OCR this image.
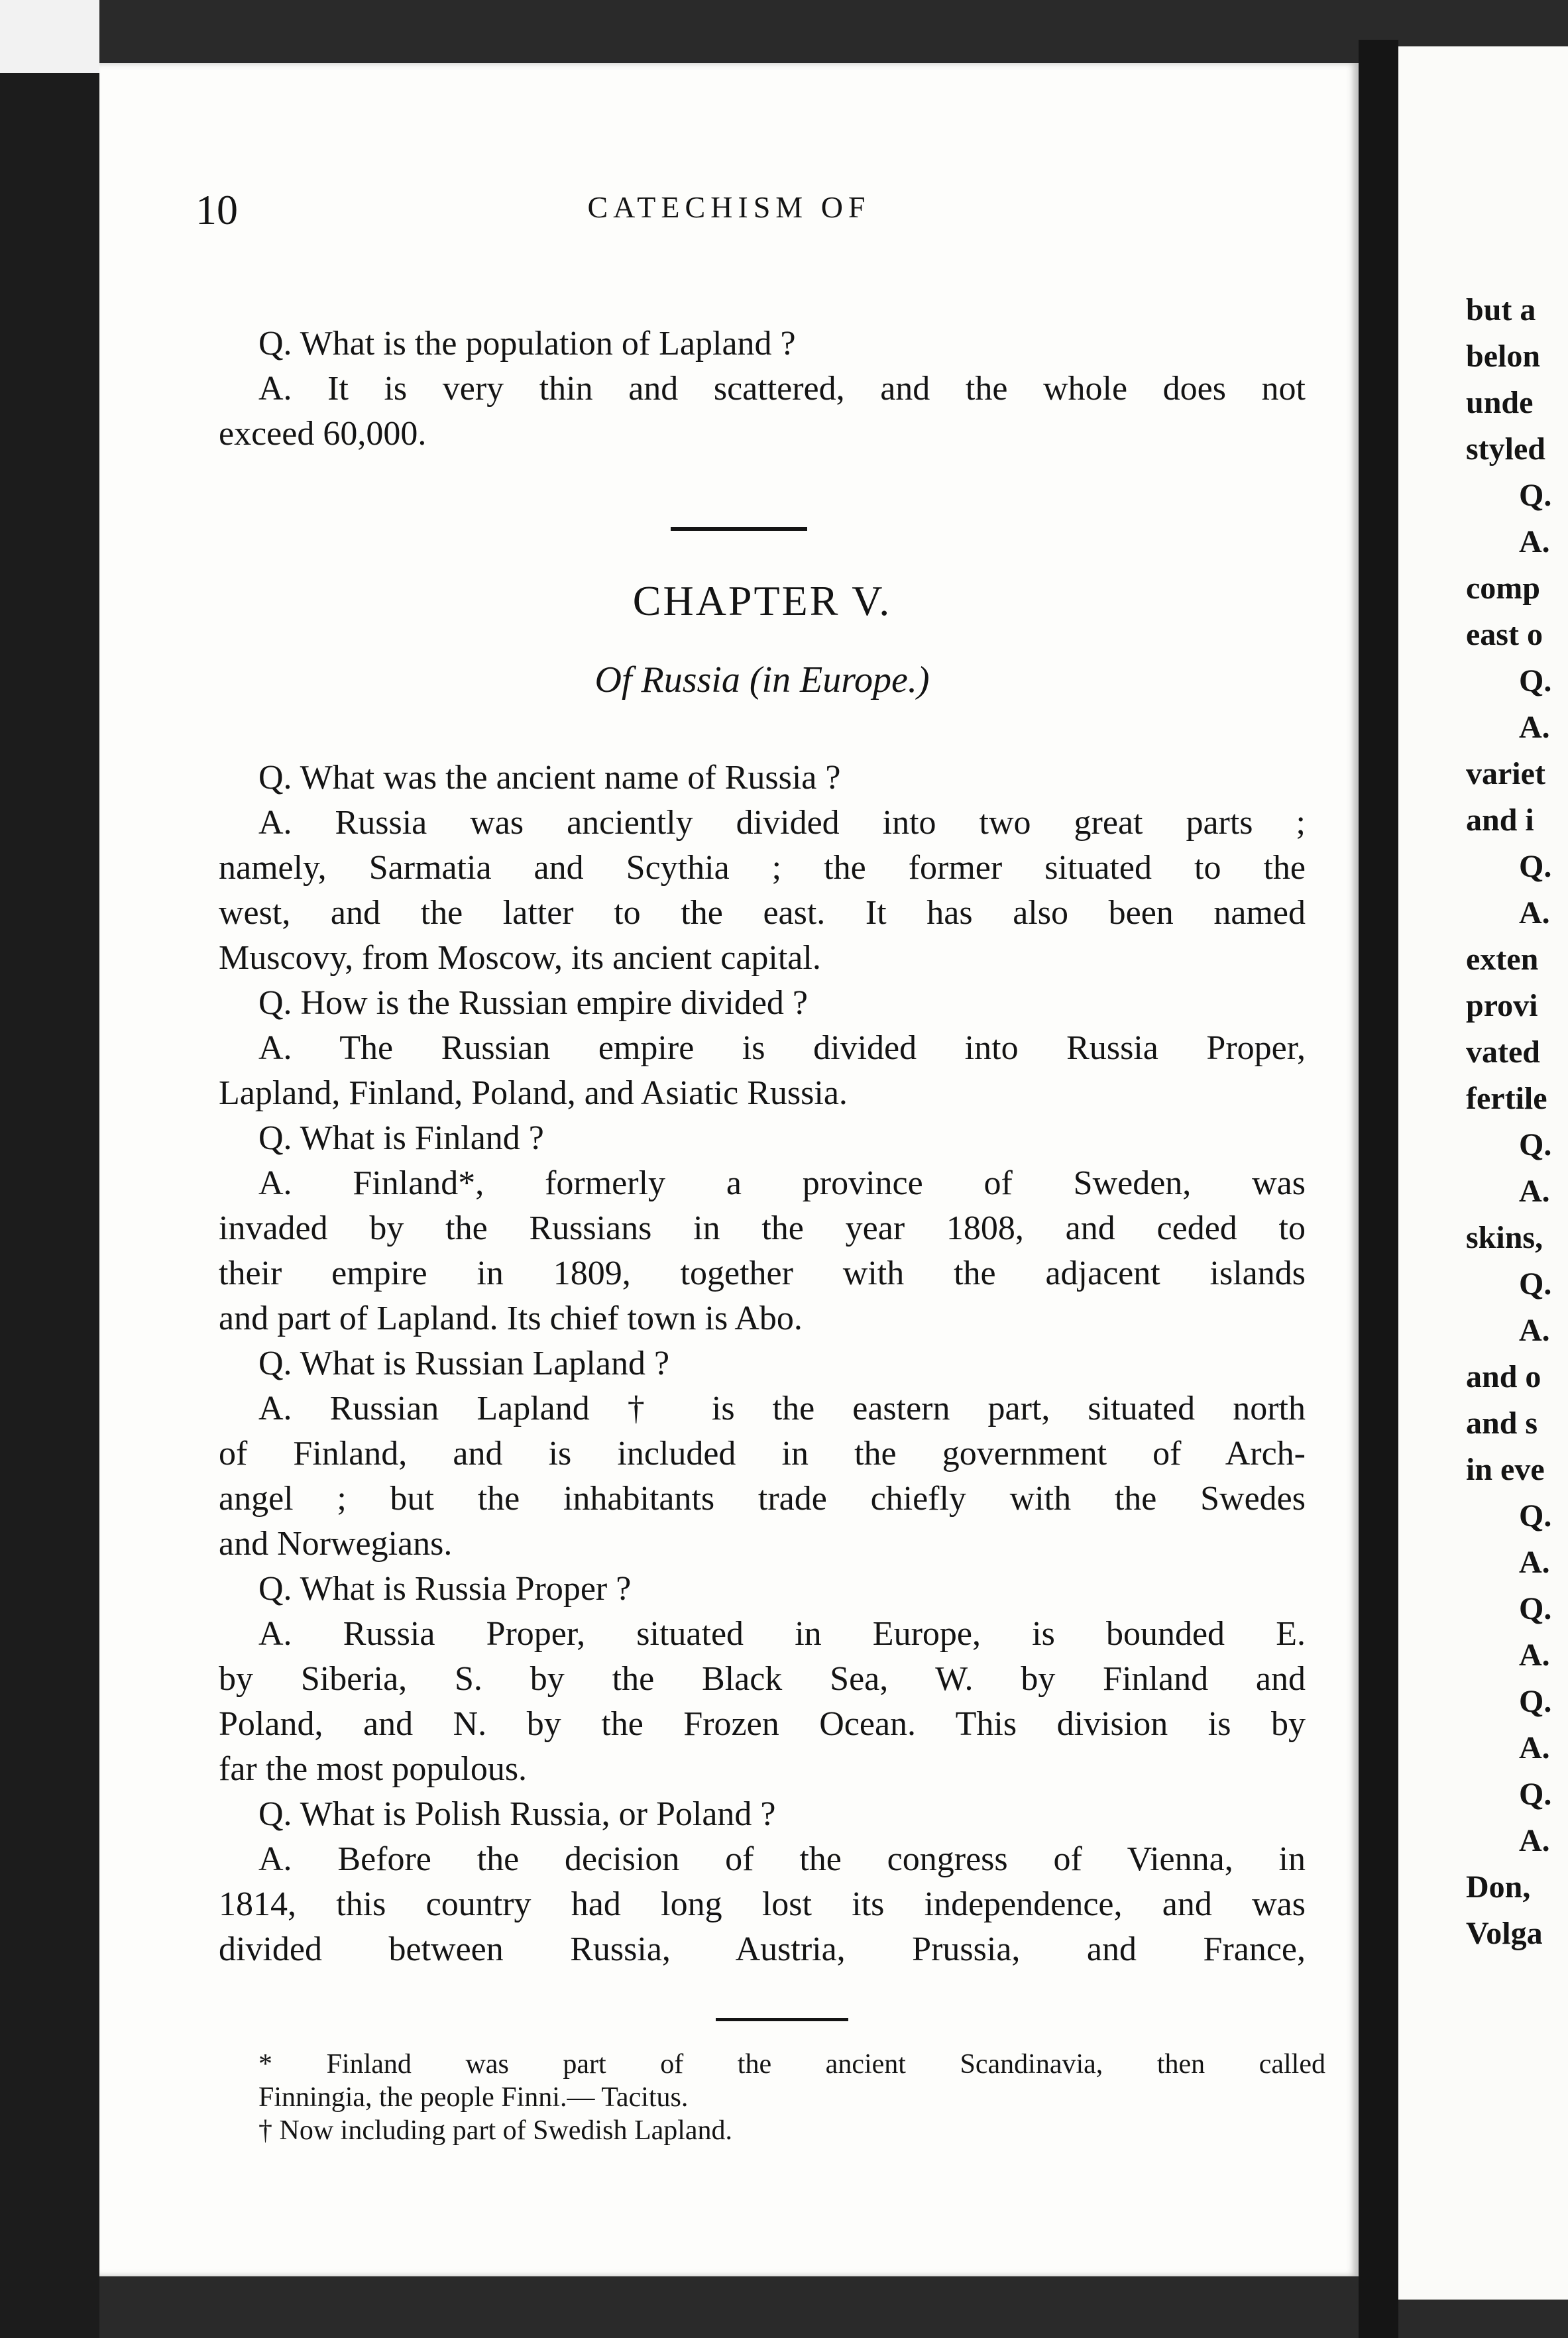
10	CATECHISM OF

Q. What is the population of Lapland ?

A. It is very thin and scattered, and the whole does not

exceed 60,000.

CHAPTER V.
Of Russia (in Europe.)

Q. What was the ancient name of Russia ?

A. Russia was anciently divided into two great parts ;

namely, Sarmatia and Scythia ; the former situated to the

west, and the latter to the east. It has also been named

Muscovy, from Moscow, its ancient capital.

Q. How is the Russian empire divided ?

A. The Russian empire is divided into Russia Proper,

Lapland, Finland, Poland, and Asiatic Russia.

Q. What is Finland ?

A. Finland*, formerly a province of Sweden, was

invaded by the Russians in the year 1808, and ceded to

their empire in 1809, together with the adjacent islands

and part of Lapland. Its chief town is Abo.

Q. What is Russian Lapland ?

A. Russian Lapland † is the eastern part, situated north

of Finland, and is included in the government of Arch-

angel ; but the inhabitants trade chiefly with the Swedes

and Norwegians.

Q. What is Russia Proper ?

A. Russia Proper, situated in Europe, is bounded E.

by Siberia, S. by the Black Sea, W. by Finland and

Poland, and N. by the Frozen Ocean. This division is by

far the most populous.

Q. What is Polish Russia, or Poland ?

A. Before the decision of the congress of Vienna, in

1814, this country had long lost its independence, and was

divided between Russia, Austria, Prussia, and France,

* Finland was part of the ancient Scandinavia, then called

Finningia, the people Finni.— Tacitus.

† Now including part of Swedish Lapland.

but a
belon
unde
styled
Q.
A.
comp
east o
Q.
A.
variet
and i
Q.
A.
exten
provi
vated
fertile
Q.
A.
skins,
Q.
A.
and o
and s
in eve
Q.
A.
Q.
A.
Q.
A.
Q.
A.
Don,
Volga
